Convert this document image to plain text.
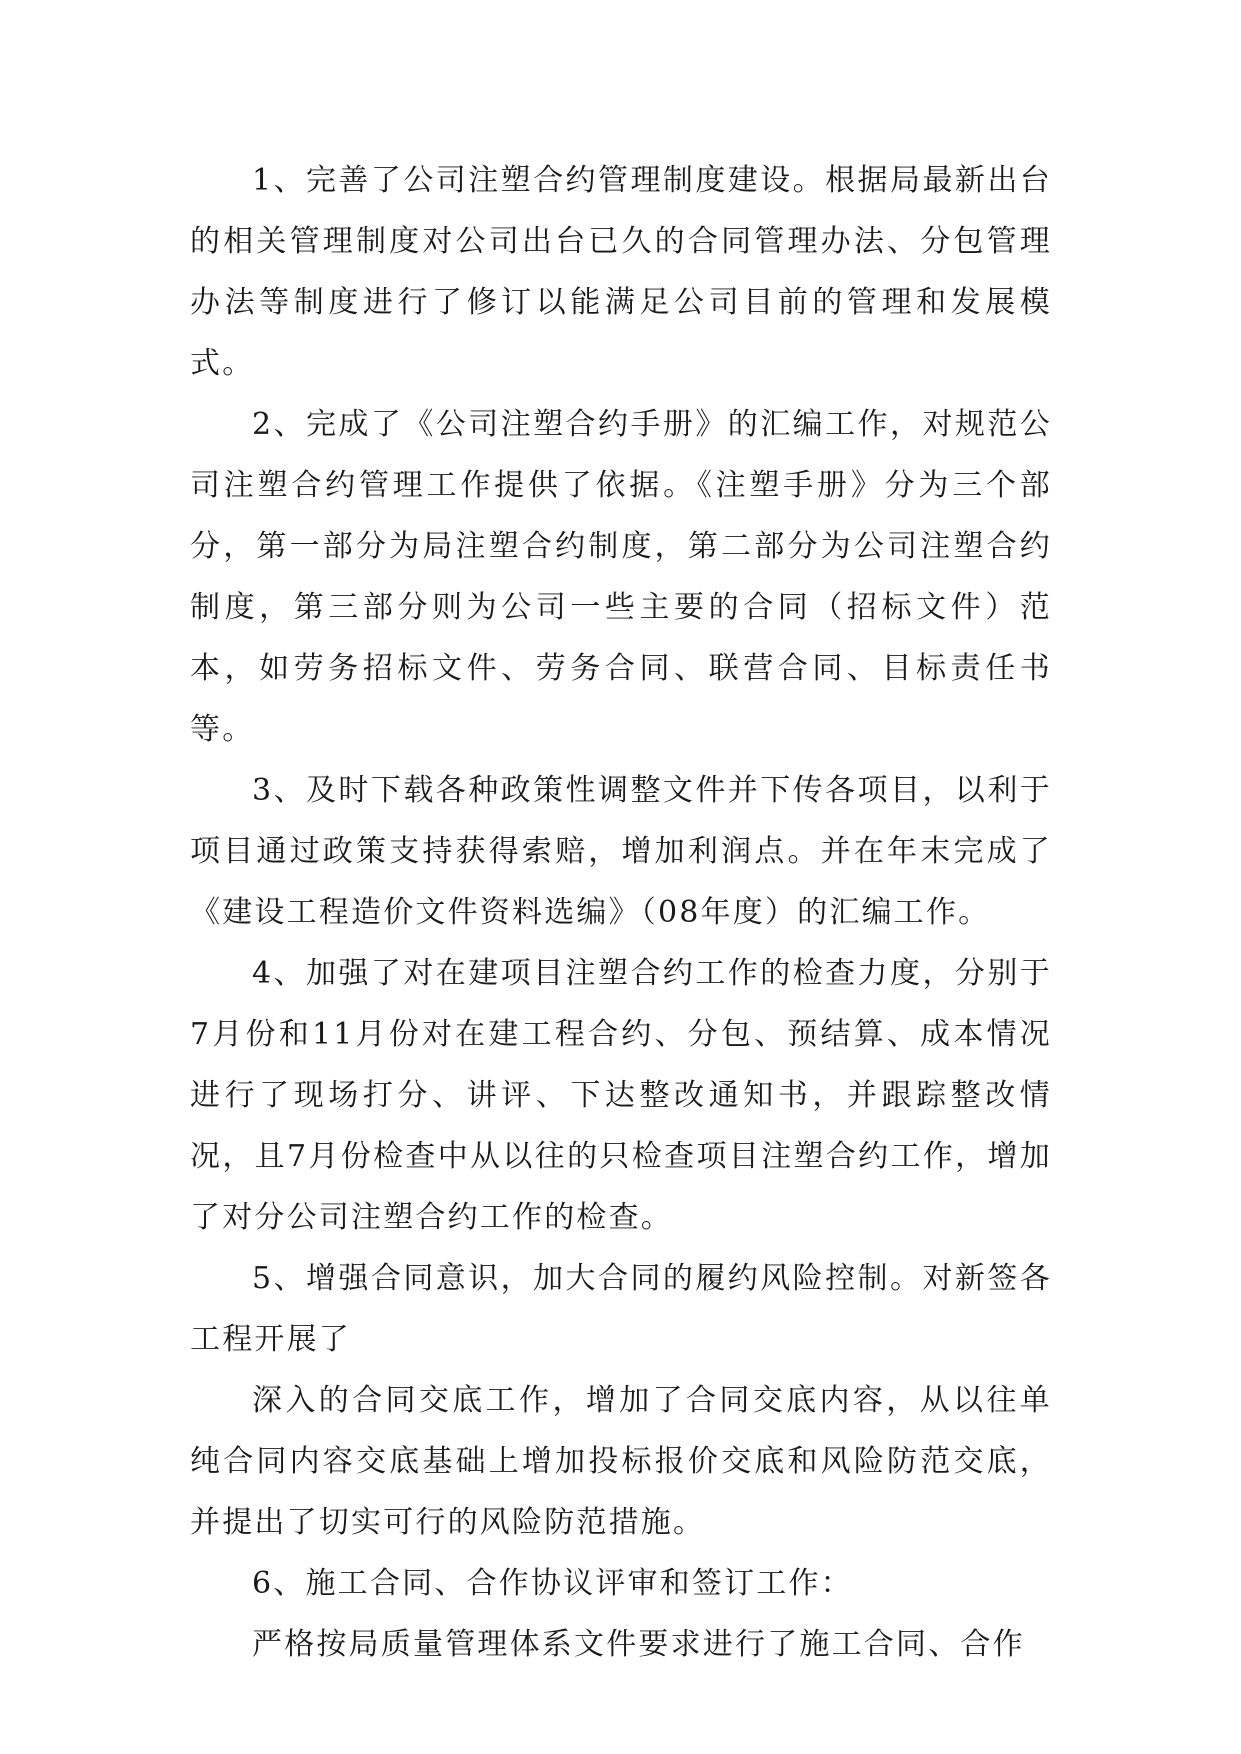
1、完善了公司注塑合约管理制度建设。根据局最新出台的相关管理制度对公司出台已久的合同管理办法、分包管理办法等制度进行了修订以能满足公司目前的管理和发展模式。

2、完成了《公司注塑合约手册》的汇编工作，对规范公司注塑合约管理工作提供了依据。《注塑手册》分为三个部分，第一部分为局注塑合约制度，第二部分为公司注塑合约制度，第三部分则为公司一些主要的合同（招标文件）范本，如劳务招标文件、劳务合同、联营合同、目标责任书等。

3、及时下载各种政策性调整文件并下传各项目，以利于项目通过政策支持获得索赔，增加利润点。并在年末完成了《建设工程造价文件资料选编》（08年度）的汇编工作。

4、加强了对在建项目注塑合约工作的检查力度，分别于7月份和11月份对在建工程合约、分包、预结算、成本情况进行了现场打分、讲评、下达整改通知书，并跟踪整改情况，且7月份检查中从以往的只检查项目注塑合约工作，增加了对分公司注塑合约工作的检查。

5、增强合同意识，加大合同的履约风险控制。对新签各工程开展了

深入的合同交底工作，增加了合同交底内容，从以往单纯合同内容交底基础上增加投标报价交底和风险防范交底，并提出了切实可行的风险防范措施。

6、施工合同、合作协议评审和签订工作：

严格按局质量管理体系文件要求进行了施工合同、合作
